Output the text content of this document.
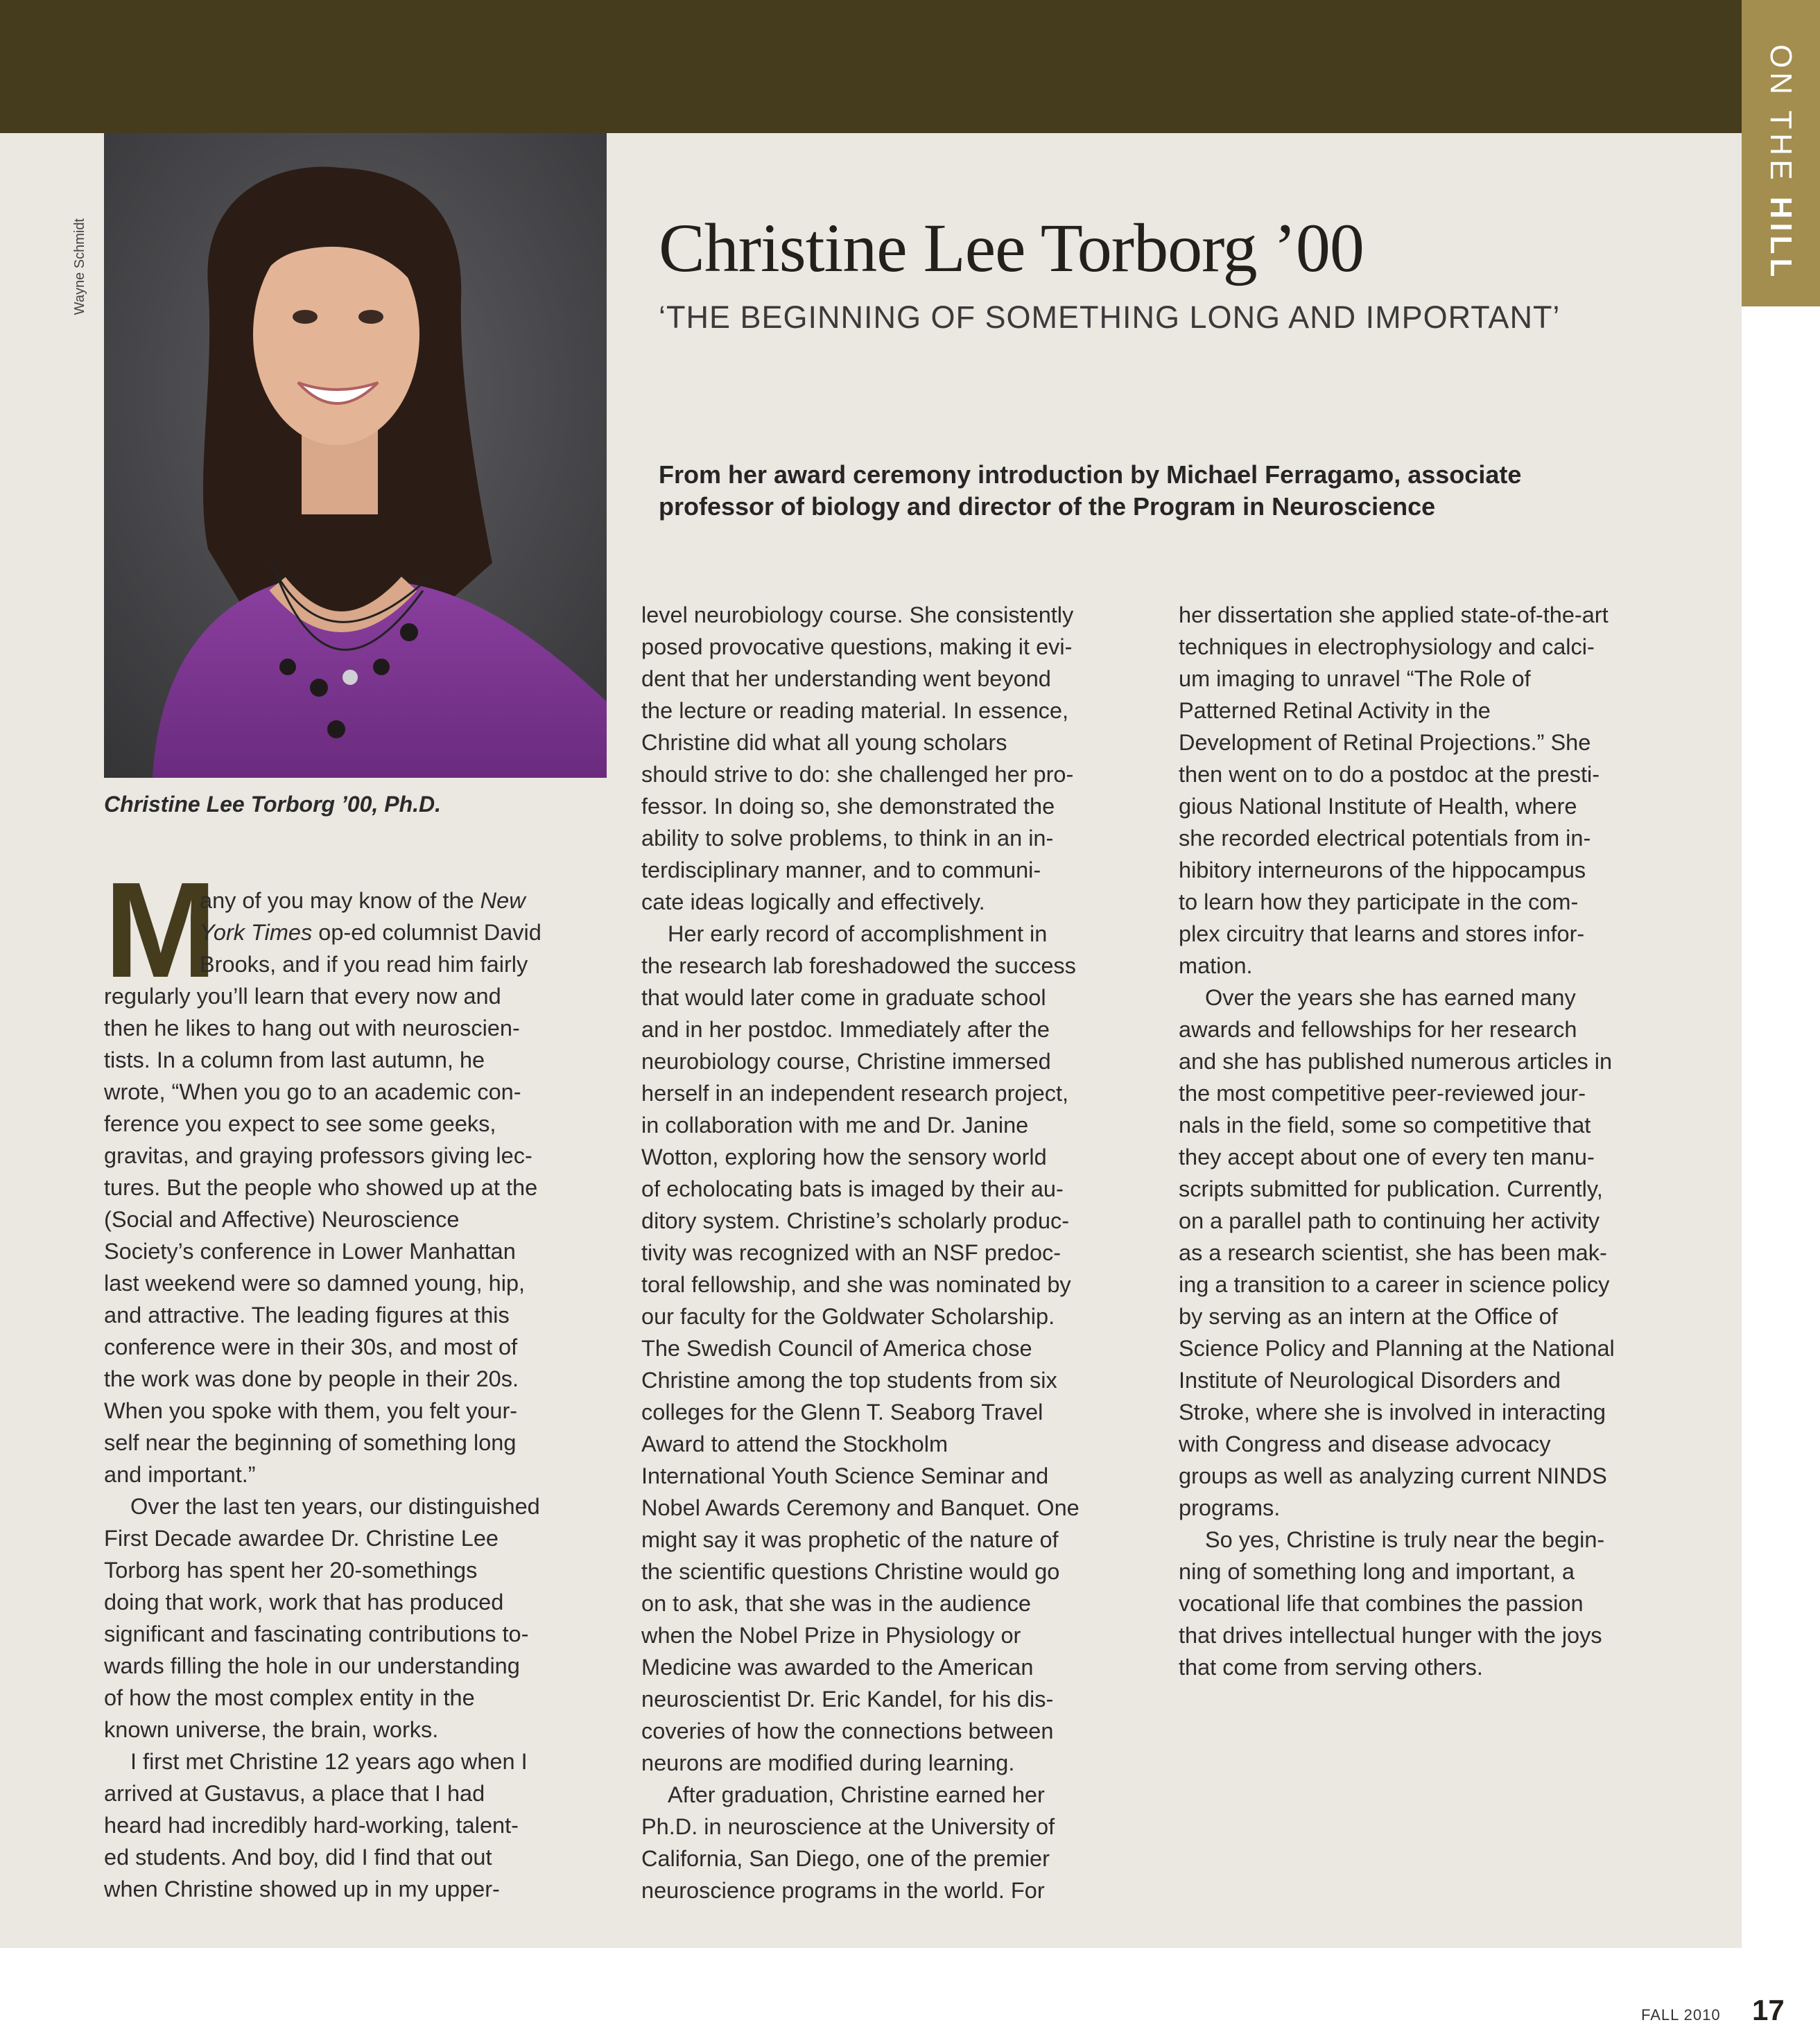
ON THE HILL
Wayne Schmidt
Christine Lee Torborg ’00, Ph.D.
Christine Lee Torborg ’00
‘THE BEGINNING OF SOMETHING LONG AND IMPORTANT’
From her award ceremony introduction by Michael Ferragamo, associate
professor of biology and director of the Program in Neuroscience
M
any of you may know of the New
York Times op-ed columnist David
Brooks, and if you read him fairly
regularly you’ll learn that every now and
then he likes to hang out with neuroscien-
tists. In a column from last autumn, he
wrote, “When you go to an academic con-
ference you expect to see some geeks,
gravitas, and graying professors giving lec-
tures. But the people who showed up at the
(Social and Affective) Neuroscience
Society’s conference in Lower Manhattan
last weekend were so damned young, hip,
and attractive. The leading figures at this
conference were in their 30s, and most of
the work was done by people in their 20s.
When you spoke with them, you felt your-
self near the beginning of something long
and important.”
Over the last ten years, our distinguished
First Decade awardee Dr. Christine Lee
Torborg has spent her 20-somethings
doing that work, work that has produced
significant and fascinating contributions to-
wards filling the hole in our understanding
of how the most complex entity in the
known universe, the brain, works.
I first met Christine 12 years ago when I
arrived at Gustavus, a place that I had
heard had incredibly hard-working, talent-
ed students. And boy, did I find that out
when Christine showed up in my upper-
level neurobiology course. She consistently
posed provocative questions, making it evi-
dent that her understanding went beyond
the lecture or reading material. In essence,
Christine did what all young scholars
should strive to do: she challenged her pro-
fessor. In doing so, she demonstrated the
ability to solve problems, to think in an in-
terdisciplinary manner, and to communi-
cate ideas logically and effectively.
Her early record of accomplishment in
the research lab foreshadowed the success
that would later come in graduate school
and in her postdoc. Immediately after the
neurobiology course, Christine immersed
herself in an independent research project,
in collaboration with me and Dr. Janine
Wotton, exploring how the sensory world
of echolocating bats is imaged by their au-
ditory system. Christine’s scholarly produc-
tivity was recognized with an NSF predoc-
toral fellowship, and she was nominated by
our faculty for the Goldwater Scholarship.
The Swedish Council of America chose
Christine among the top students from six
colleges for the Glenn T. Seaborg Travel
Award to attend the Stockholm
International Youth Science Seminar and
Nobel Awards Ceremony and Banquet. One
might say it was prophetic of the nature of
the scientific questions Christine would go
on to ask, that she was in the audience
when the Nobel Prize in Physiology or
Medicine was awarded to the American
neuroscientist Dr. Eric Kandel, for his dis-
coveries of how the connections between
neurons are modified during learning.
After graduation, Christine earned her
Ph.D. in neuroscience at the University of
California, San Diego, one of the premier
neuroscience programs in the world. For
her dissertation she applied state-of-the-art
techniques in electrophysiology and calci-
um imaging to unravel “The Role of
Patterned Retinal Activity in the
Development of Retinal Projections.” She
then went on to do a postdoc at the presti-
gious National Institute of Health, where
she recorded electrical potentials from in-
hibitory interneurons of the hippocampus
to learn how they participate in the com-
plex circuitry that learns and stores infor-
mation.
Over the years she has earned many
awards and fellowships for her research
and she has published numerous articles in
the most competitive peer-reviewed jour-
nals in the field, some so competitive that
they accept about one of every ten manu-
scripts submitted for publication. Currently,
on a parallel path to continuing her activity
as a research scientist, she has been mak-
ing a transition to a career in science policy
by serving as an intern at the Office of
Science Policy and Planning at the National
Institute of Neurological Disorders and
Stroke, where she is involved in interacting
with Congress and disease advocacy
groups as well as analyzing current NINDS
programs.
So yes, Christine is truly near the begin-
ning of something long and important, a
vocational life that combines the passion
that drives intellectual hunger with the joys
that come from serving others.
FALL 2010 17
